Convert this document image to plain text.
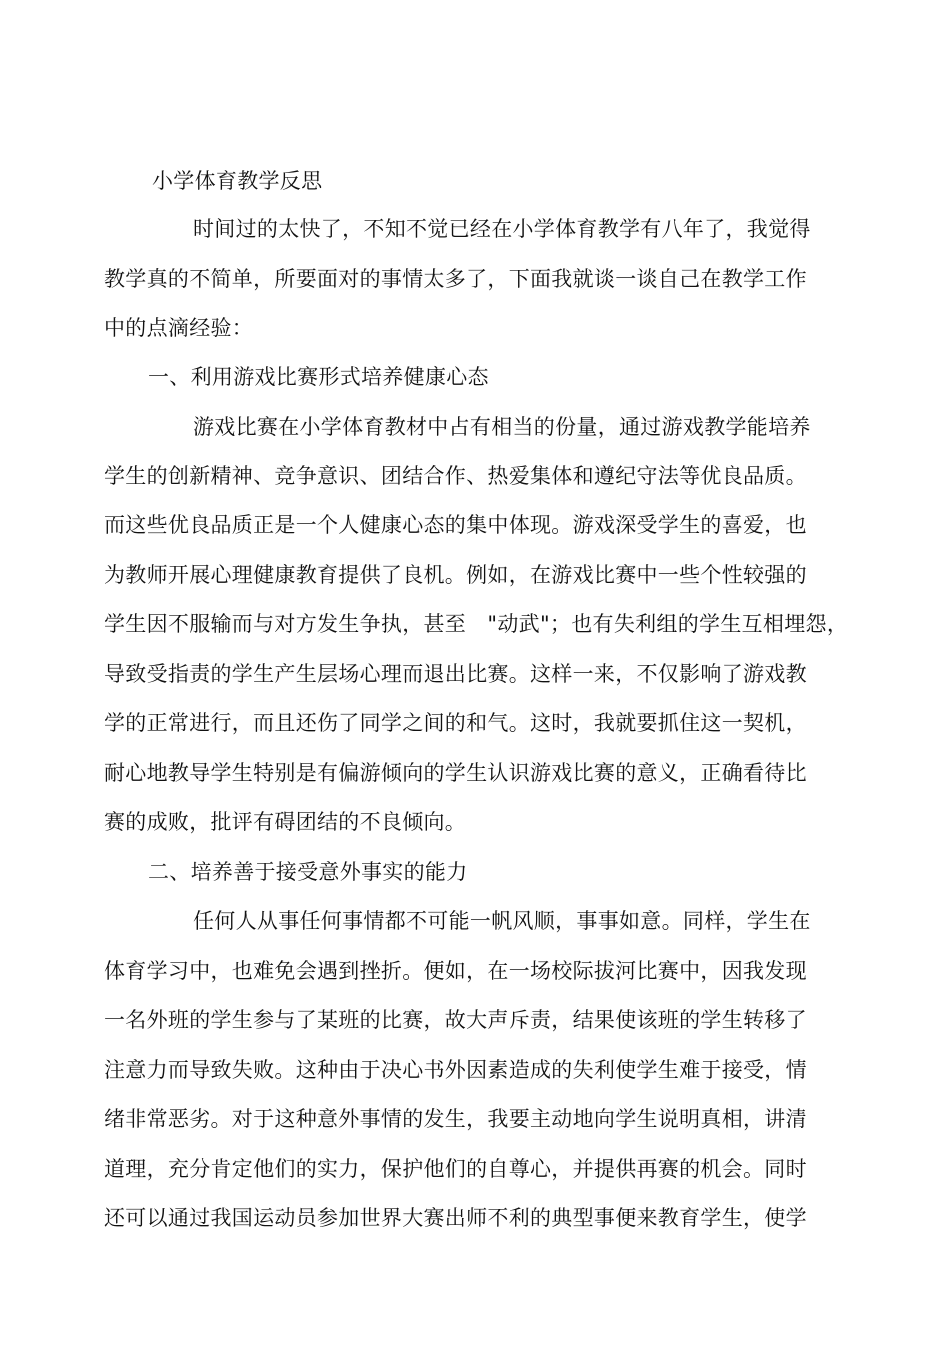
小学体育教学反思
时间过的太快了，不知不觉已经在小学体育教学有八年了，我觉得
教学真的不简单，所要面对的事情太多了，下面我就谈一谈自己在教学工作
中的点滴经验：
一、利用游戏比赛形式培养健康心态
游戏比赛在小学体育教材中占有相当的份量，通过游戏教学能培养
学生的创新精神、竞争意识、团结合作、热爱集体和遵纪守法等优良品质。
而这些优良品质正是一个人健康心态的集中体现。游戏深受学生的喜爱，也
为教师开展心理健康教育提供了良机。例如，在游戏比赛中一些个性较强的
学生因不服输而与对方发生争执，甚至　"动武"；也有失利组的学生互相埋怨，
导致受指责的学生产生层场心理而退出比赛。这样一来，不仅影响了游戏教
学的正常进行，而且还伤了同学之间的和气。这时，我就要抓住这一契机，
耐心地教导学生特别是有偏游倾向的学生认识游戏比赛的意义，正确看待比
赛的成败，批评有碍团结的不良倾向。
二、培养善于接受意外事实的能力
任何人从事任何事情都不可能一帆风顺，事事如意。同样，学生在
体育学习中，也难免会遇到挫折。便如，在一场校际拔河比赛中，因我发现
一名外班的学生参与了某班的比赛，故大声斥责，结果使该班的学生转移了
注意力而导致失败。这种由于决心书外因素造成的失利使学生难于接受，情
绪非常恶劣。对于这种意外事情的发生，我要主动地向学生说明真相，讲清
道理，充分肯定他们的实力，保护他们的自尊心，并提供再赛的机会。同时
还可以通过我国运动员参加世界大赛出师不利的典型事便来教育学生，使学
